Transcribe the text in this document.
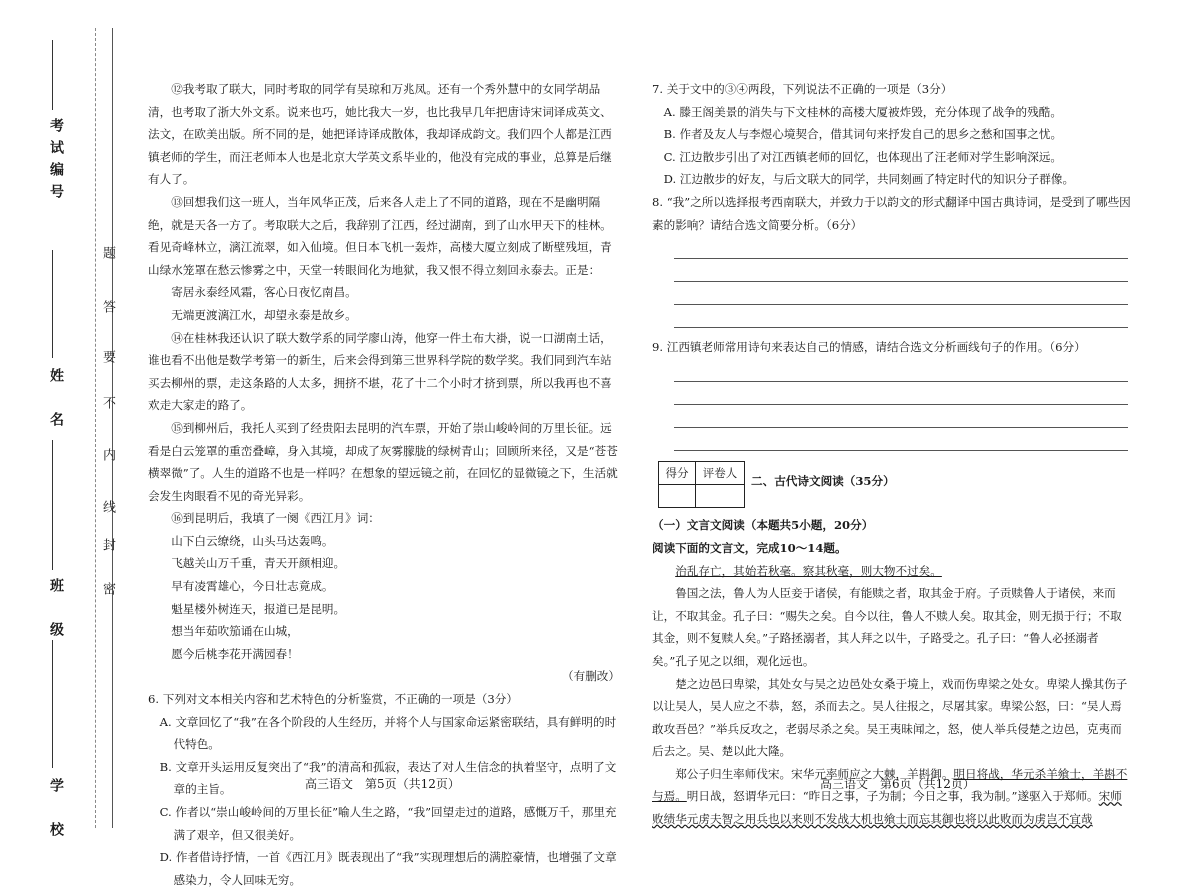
考试编号
姓　名
班　级
学　校
题
答
要
不
内
线
封
密

⑫我考取了联大，同时考取的同学有吴琼和万兆凤。还有一个秀外慧中的女同学胡品清，也考取了浙大外文系。说来也巧，她比我大一岁，也比我早几年把唐诗宋词译成英文、法文，在欧美出版。所不同的是，她把译诗译成散体，我却译成韵文。我们四个人都是江西镇老师的学生，而汪老师本人也是北京大学英文系毕业的，他没有完成的事业，总算是后继有人了。

⑬回想我们这一班人，当年风华正茂，后来各人走上了不同的道路，现在不是幽明隔绝，就是天各一方了。考取联大之后，我辞别了江西，经过湖南，到了山水甲天下的桂林。看见奇峰林立，漓江流翠，如入仙境。但日本飞机一轰炸，高楼大厦立刻成了断壁残垣，青山绿水笼罩在愁云惨雾之中，天堂一转眼间化为地狱，我又恨不得立刻回永泰去。正是：

寄居永泰经风霜，客心日夜忆南昌。

无端更渡漓江水，却望永泰是故乡。

⑭在桂林我还认识了联大数学系的同学廖山涛，他穿一件土布大褂，说一口湖南土话，谁也看不出他是数学考第一的新生，后来会得到第三世界科学院的数学奖。我们同到汽车站买去柳州的票，走这条路的人太多，拥挤不堪，花了十二个小时才挤到票，所以我再也不喜欢走大家走的路了。

⑮到柳州后，我托人买到了经贵阳去昆明的汽车票，开始了崇山峻岭间的万里长征。远看是白云笼罩的重峦叠嶂，身入其境，却成了灰雾朦胧的绿树青山；回顾所来径，又是“苍苍横翠微”了。人生的道路不也是一样吗？在想象的望远镜之前，在回忆的显微镜之下，生活就会发生肉眼看不见的奇光异彩。

⑯到昆明后，我填了一阕《西江月》词：

山下白云缭绕，山头马达轰鸣。

飞越关山万千重，青天开颜相迎。

早有凌霄雄心，今日壮志竟成。

魁星楼外树连天，报道已是昆明。

想当年茹吹笳诵在山城，

愿今后桃李花开满园春！

（有删改）

6. 下列对文本相关内容和艺术特色的分析鉴赏，不正确的一项是（3分）

A. 文章回忆了“我”在各个阶段的人生经历，并将个人与国家命运紧密联结，具有鲜明的时代特色。

B. 文章开头运用反复突出了“我”的清高和孤寂，表达了对人生信念的执着坚守，点明了文章的主旨。

C. 作者以“崇山峻岭间的万里长征”喻人生之路，“我”回望走过的道路，感慨万千，那里充满了艰辛，但又很美好。

D. 作者借诗抒情，一首《西江月》既表现出了“我”实现理想后的满腔豪情，也增强了文章感染力，令人回味无穷。

7. 关于文中的③④两段，下列说法不正确的一项是（3分）

A. 滕王阁美景的消失与下文桂林的高楼大厦被炸毁，充分体现了战争的残酷。

B. 作者及友人与李煜心境契合，借其词句来抒发自己的思乡之愁和国事之忧。

C. 江边散步引出了对江西镇老师的回忆，也体现出了汪老师对学生影响深远。

D. 江边散步的好友，与后文联大的同学，共同刻画了特定时代的知识分子群像。

8. “我”之所以选择报考西南联大，并致力于以韵文的形式翻译中国古典诗词，是受到了哪些因素的影响？请结合选文简要分析。（6分）

9. 江西镇老师常用诗句来表达自己的情感，请结合选文分析画线句子的作用。（6分）

得分	评卷人

二、古代诗文阅读（35分）

（一）文言文阅读（本题共5小题，20分）

阅读下面的文言文，完成10～14题。

治乱存亡，其始若秋毫。察其秋毫，则大物不过矣。

鲁国之法，鲁人为人臣妾于诸侯，有能赎之者，取其金于府。子贡赎鲁人于诸侯，来而让，不取其金。孔子曰：“赐失之矣。自今以往，鲁人不赎人矣。取其金，则无损于行；不取其金，则不复赎人矣。”子路拯溺者，其人拜之以牛，子路受之。孔子曰：“鲁人必拯溺者矣。”孔子见之以细，观化远也。

楚之边邑曰卑梁，其处女与吴之边邑处女桑于境上，戏而伤卑梁之处女。卑梁人操其伤子以让吴人，吴人应之不恭，怒，杀而去之。吴人往报之，尽屠其家。卑梁公怒，曰：“吴人焉敢攻吾邑？”举兵反攻之，老弱尽杀之矣。吴王夷昧闻之，怒，使人举兵侵楚之边邑，克夷而后去之。吴、楚以此大隆。

郑公子归生率师伐宋。宋华元率师应之大棘，羊斟御。明日将战，华元杀羊飨士，羊斟不与焉。明日战，怒谓华元曰：“昨日之事，子为制；今日之事，我为制。”遂驱入于郑师。宋师败绩华元虏夫智之用兵也以来则不发战大机也飨士而忘其御也将以此败而为虏岂不宜哉

高三语文　第5页（共12页）	高三语文　第6页（共12页）
